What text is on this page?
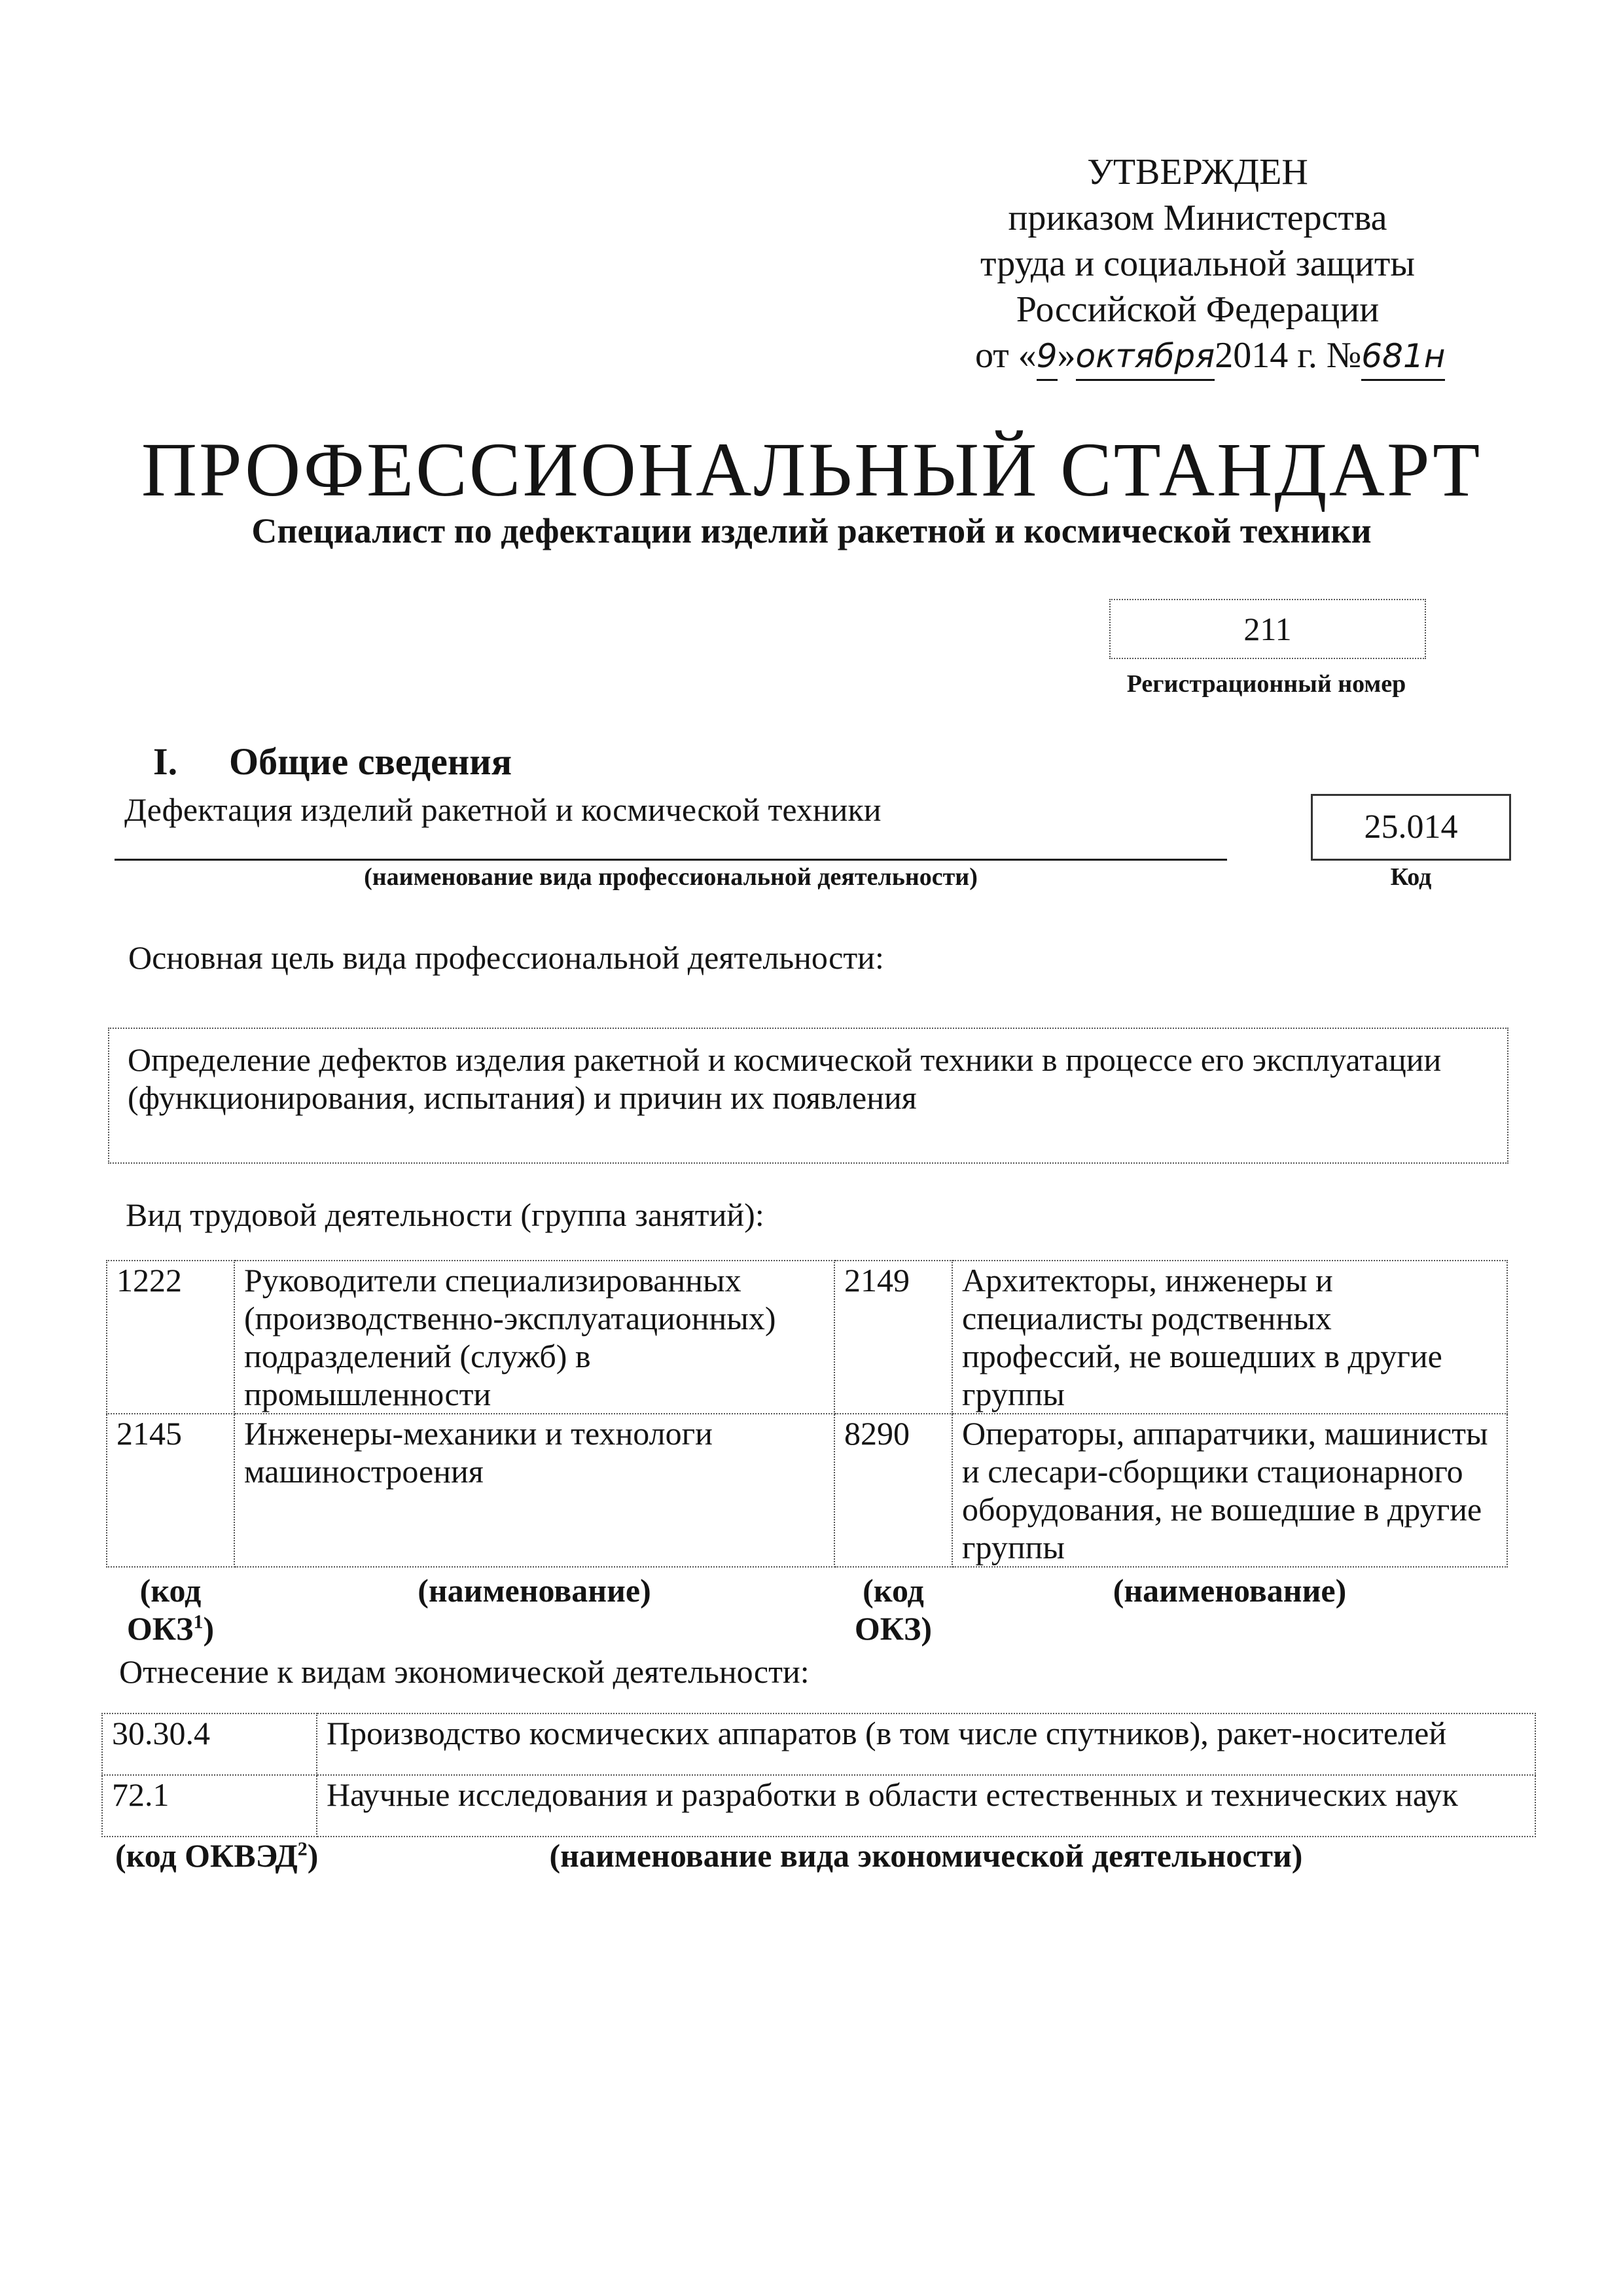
УТВЕРЖДЕН
приказом Министерства
труда и социальной защиты
Российской Федерации
от «9»октября2014 г. №681н
ПРОФЕССИОНАЛЬНЫЙ СТАНДАРТ
Специалист по дефектации изделий ракетной и космической техники
211
Регистрационный номер
I. Общие сведения
Дефектация изделий ракетной и космической техники
(наименование вида профессиональной деятельности)
25.014
Код
Основная цель вида профессиональной деятельности:
Определение дефектов изделия ракетной и космической техники в процессе его эксплуатации (функционирования, испытания) и причин их появления
Вид трудовой деятельности (группа занятий):
1222	Руководители специализированных (производственно-эксплуатационных) подразделений (служб) в промышленности	2149	Архитекторы, инженеры и специалисты родственных профессий, не вошедших в другие группы
2145	Инженеры-механики и технологи машиностроения	8290	Операторы, аппаратчики, машинисты и слесари-сборщики стационарного оборудования, не вошедшие в другие группы
(код ОКЗ$^1$)	(наименование)	(код ОКЗ)	(наименование)
Отнесение к видам экономической деятельности:
30.30.4	Производство космических аппаратов (в том числе спутников), ракет-носителей
72.1	Научные исследования и разработки в области естественных и технических наук
(код ОКВЭД$^2$)	(наименование вида экономической деятельности)
